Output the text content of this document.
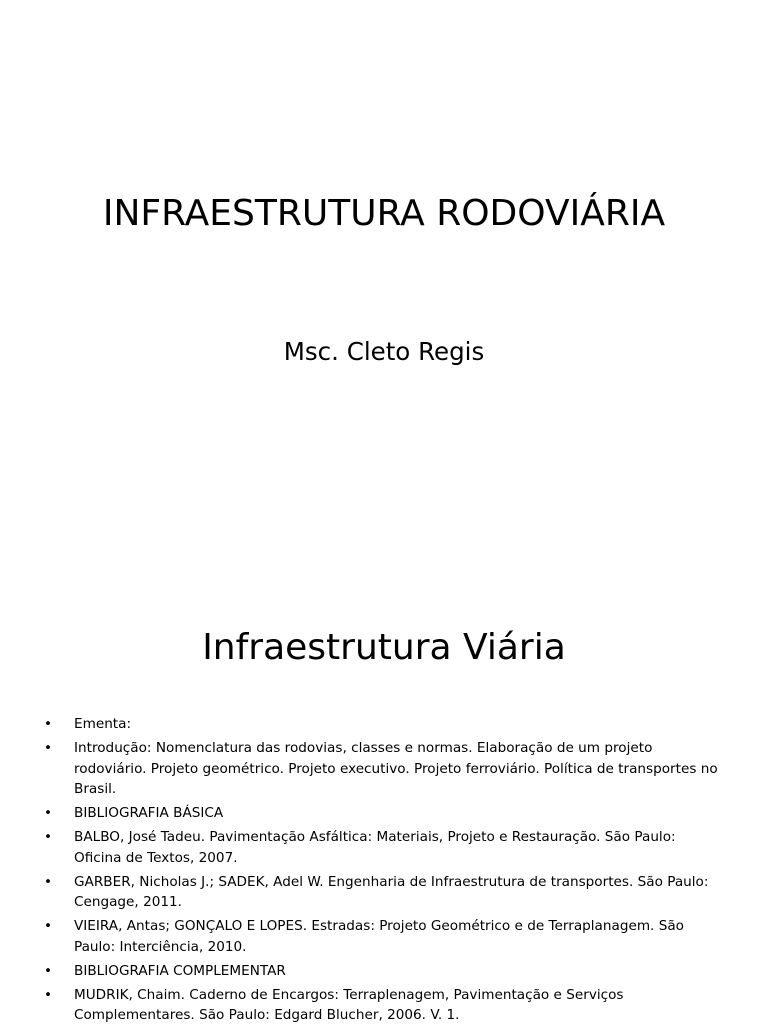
INFRAESTRUTURA RODOVIÁRIA
Msc. Cleto Regis
Infraestrutura Viária
•	Ementa:
•	Introdução: Nomenclatura das rodovias, classes e normas. Elaboração de um projeto rodoviário. Projeto geométrico. Projeto executivo. Projeto ferroviário. Política de transportes no Brasil.
•	BIBLIOGRAFIA BÁSICA
•	BALBO, José Tadeu. Pavimentação Asfáltica: Materiais, Projeto e Restauração. São Paulo: Oficina de Textos, 2007.
•	GARBER, Nicholas J.; SADEK, Adel W. Engenharia de Infraestrutura de transportes. São Paulo: Cengage, 2011.
•	VIEIRA, Antas; GONÇALO E LOPES. Estradas: Projeto Geométrico e de Terraplanagem. São Paulo: Interciência, 2010.
•	BIBLIOGRAFIA COMPLEMENTAR
•	MUDRIK, Chaim. Caderno de Encargos: Terraplenagem, Pavimentação e Serviços Complementares. São Paulo: Edgard Blucher, 2006. V. 1.
